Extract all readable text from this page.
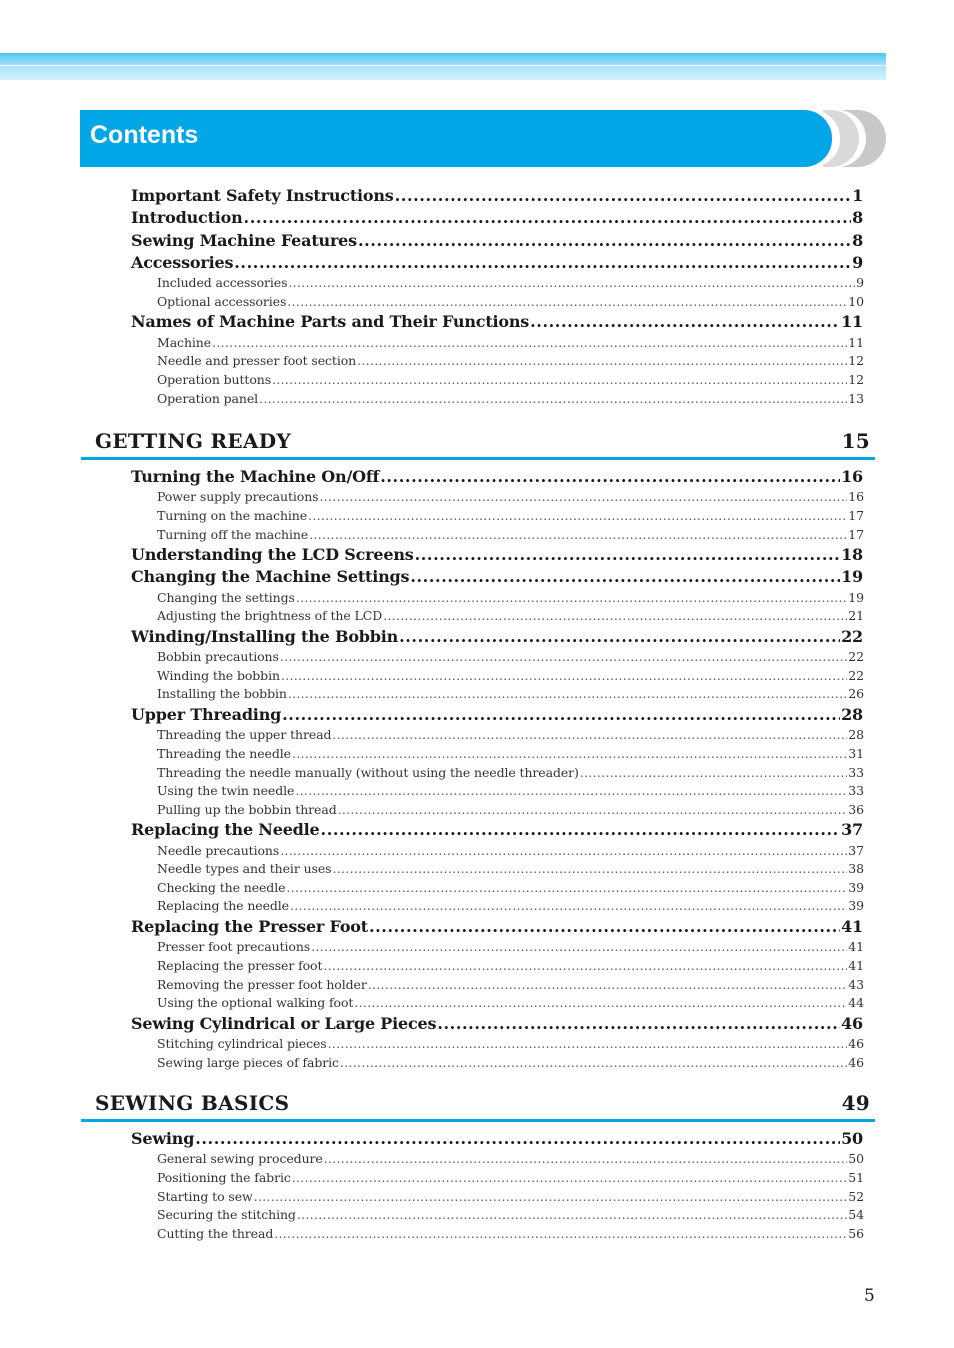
Contents
Important Safety Instructions .....	1
Introduction .....	8
Sewing Machine Features .....	8
Accessories .....	9
Included accessories .....	9
Optional accessories .....	10
Names of Machine Parts and Their Functions .....	11
Machine .....	11
Needle and presser foot section .....	12
Operation buttons .....	12
Operation panel .....	13
GETTING READY	15
Turning the Machine On/Off .....	16
Power supply precautions .....	16
Turning on the machine .....	17
Turning off the machine .....	17
Understanding the LCD Screens .....	18
Changing the Machine Settings .....	19
Changing the settings .....	19
Adjusting the brightness of the LCD .....	21
Winding/Installing the Bobbin .....	22
Bobbin precautions .....	22
Winding the bobbin .....	22
Installing the bobbin .....	26
Upper Threading .....	28
Threading the upper thread .....	28
Threading the needle .....	31
Threading the needle manually (without using the needle threader) .....	33
Using the twin needle .....	33
Pulling up the bobbin thread .....	36
Replacing the Needle .....	37
Needle precautions .....	37
Needle types and their uses .....	38
Checking the needle .....	39
Replacing the needle .....	39
Replacing the Presser Foot .....	41
Presser foot precautions .....	41
Replacing the presser foot .....	41
Removing the presser foot holder .....	43
Using the optional walking foot .....	44
Sewing Cylindrical or Large Pieces .....	46
Stitching cylindrical pieces .....	46
Sewing large pieces of fabric .....	46
SEWING BASICS	49
Sewing .....	50
General sewing procedure .....	50
Positioning the fabric .....	51
Starting to sew .....	52
Securing the stitching .....	54
Cutting the thread .....	56
5
